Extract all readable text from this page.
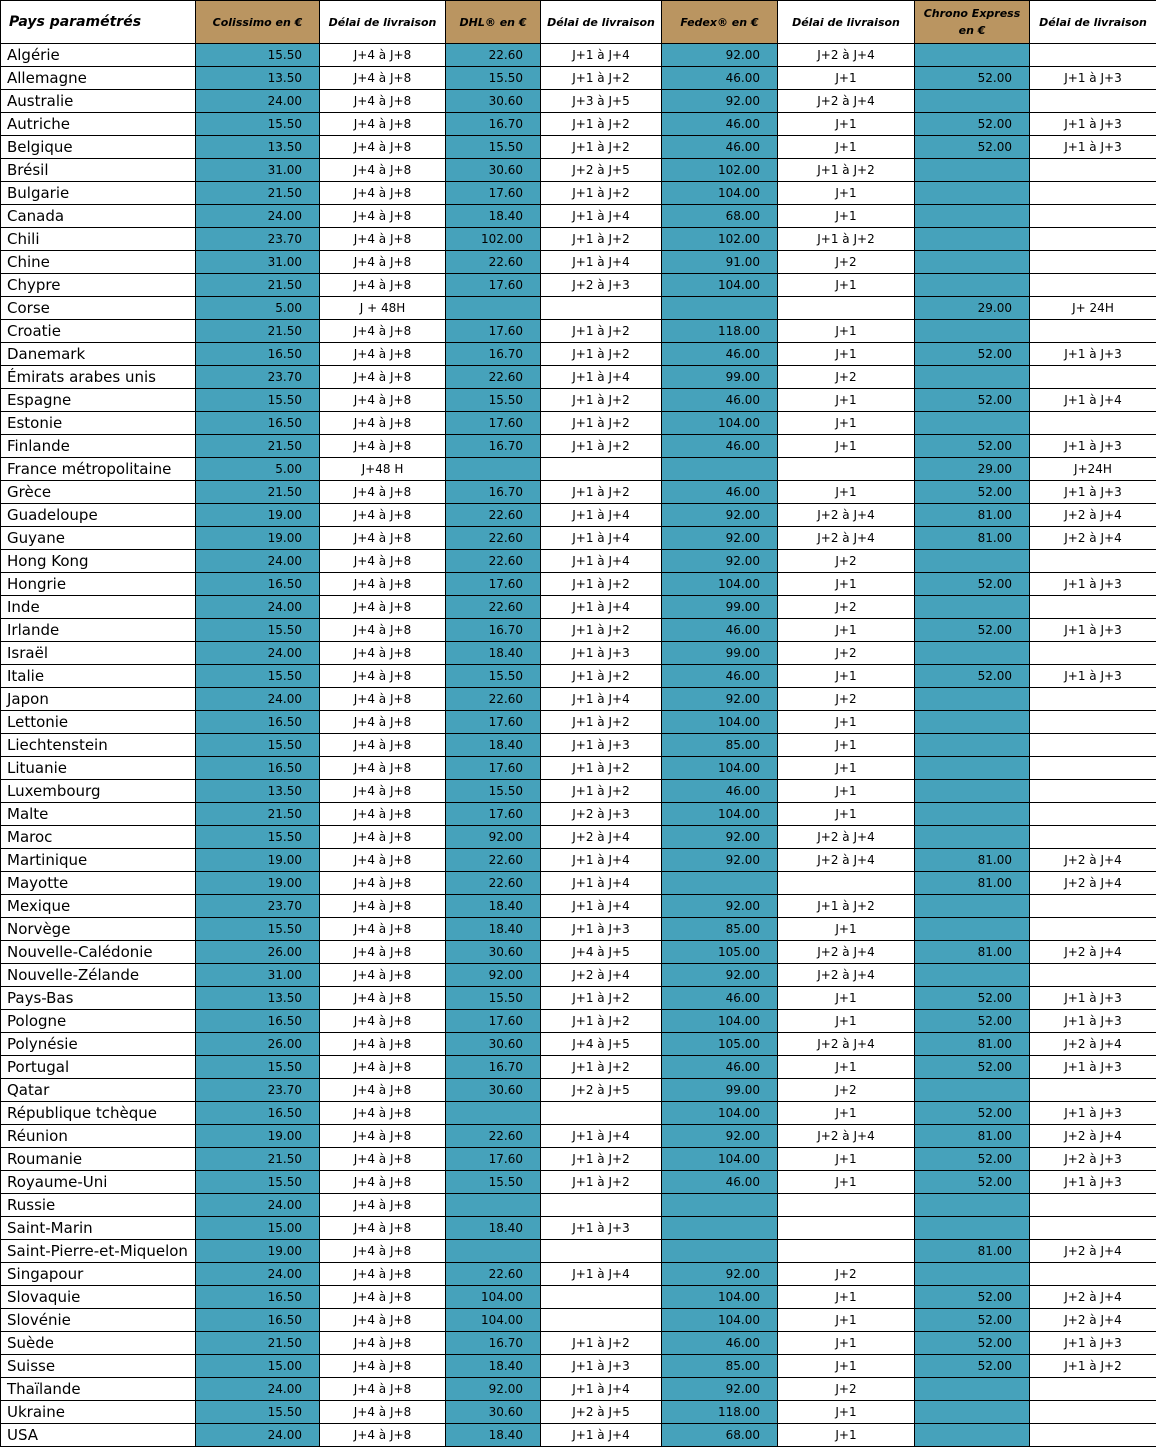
Pays paramétrés	Colissimo en €	Délai de livraison	DHL® en €	Délai de livraison	Fedex® en €	Délai de livraison	Chrono Express en €	Délai de livraison
Algérie	15.50	J+4 à J+8	22.60	J+1 à J+4	92.00	J+2 à J+4		
Allemagne	13.50	J+4 à J+8	15.50	J+1 à J+2	46.00	J+1	52.00	J+1 à J+3
Australie	24.00	J+4 à J+8	30.60	J+3 à J+5	92.00	J+2 à J+4		
Autriche	15.50	J+4 à J+8	16.70	J+1 à J+2	46.00	J+1	52.00	J+1 à J+3
Belgique	13.50	J+4 à J+8	15.50	J+1 à J+2	46.00	J+1	52.00	J+1 à J+3
Brésil	31.00	J+4 à J+8	30.60	J+2 à J+5	102.00	J+1 à J+2		
Bulgarie	21.50	J+4 à J+8	17.60	J+1 à J+2	104.00	J+1		
Canada	24.00	J+4 à J+8	18.40	J+1 à J+4	68.00	J+1		
Chili	23.70	J+4 à J+8	102.00	J+1 à J+2	102.00	J+1 à J+2		
Chine	31.00	J+4 à J+8	22.60	J+1 à J+4	91.00	J+2		
Chypre	21.50	J+4 à J+8	17.60	J+2 à J+3	104.00	J+1		
Corse	5.00	J + 48H					29.00	J+ 24H
Croatie	21.50	J+4 à J+8	17.60	J+1 à J+2	118.00	J+1		
Danemark	16.50	J+4 à J+8	16.70	J+1 à J+2	46.00	J+1	52.00	J+1 à J+3
Émirats arabes unis	23.70	J+4 à J+8	22.60	J+1 à J+4	99.00	J+2		
Espagne	15.50	J+4 à J+8	15.50	J+1 à J+2	46.00	J+1	52.00	J+1 à J+4
Estonie	16.50	J+4 à J+8	17.60	J+1 à J+2	104.00	J+1		
Finlande	21.50	J+4 à J+8	16.70	J+1 à J+2	46.00	J+1	52.00	J+1 à J+3
France métropolitaine	5.00	J+48 H					29.00	J+24H
Grèce	21.50	J+4 à J+8	16.70	J+1 à J+2	46.00	J+1	52.00	J+1 à J+3
Guadeloupe	19.00	J+4 à J+8	22.60	J+1 à J+4	92.00	J+2 à J+4	81.00	J+2 à J+4
Guyane	19.00	J+4 à J+8	22.60	J+1 à J+4	92.00	J+2 à J+4	81.00	J+2 à J+4
Hong Kong	24.00	J+4 à J+8	22.60	J+1 à J+4	92.00	J+2		
Hongrie	16.50	J+4 à J+8	17.60	J+1 à J+2	104.00	J+1	52.00	J+1 à J+3
Inde	24.00	J+4 à J+8	22.60	J+1 à J+4	99.00	J+2		
Irlande	15.50	J+4 à J+8	16.70	J+1 à J+2	46.00	J+1	52.00	J+1 à J+3
Israël	24.00	J+4 à J+8	18.40	J+1 à J+3	99.00	J+2		
Italie	15.50	J+4 à J+8	15.50	J+1 à J+2	46.00	J+1	52.00	J+1 à J+3
Japon	24.00	J+4 à J+8	22.60	J+1 à J+4	92.00	J+2		
Lettonie	16.50	J+4 à J+8	17.60	J+1 à J+2	104.00	J+1		
Liechtenstein	15.50	J+4 à J+8	18.40	J+1 à J+3	85.00	J+1		
Lituanie	16.50	J+4 à J+8	17.60	J+1 à J+2	104.00	J+1		
Luxembourg	13.50	J+4 à J+8	15.50	J+1 à J+2	46.00	J+1		
Malte	21.50	J+4 à J+8	17.60	J+2 à J+3	104.00	J+1		
Maroc	15.50	J+4 à J+8	92.00	J+2 à J+4	92.00	J+2 à J+4		
Martinique	19.00	J+4 à J+8	22.60	J+1 à J+4	92.00	J+2 à J+4	81.00	J+2 à J+4
Mayotte	19.00	J+4 à J+8	22.60	J+1 à J+4			81.00	J+2 à J+4
Mexique	23.70	J+4 à J+8	18.40	J+1 à J+4	92.00	J+1 à J+2		
Norvège	15.50	J+4 à J+8	18.40	J+1 à J+3	85.00	J+1		
Nouvelle-Calédonie	26.00	J+4 à J+8	30.60	J+4 à J+5	105.00	J+2 à J+4	81.00	J+2 à J+4
Nouvelle-Zélande	31.00	J+4 à J+8	92.00	J+2 à J+4	92.00	J+2 à J+4		
Pays-Bas	13.50	J+4 à J+8	15.50	J+1 à J+2	46.00	J+1	52.00	J+1 à J+3
Pologne	16.50	J+4 à J+8	17.60	J+1 à J+2	104.00	J+1	52.00	J+1 à J+3
Polynésie	26.00	J+4 à J+8	30.60	J+4 à J+5	105.00	J+2 à J+4	81.00	J+2 à J+4
Portugal	15.50	J+4 à J+8	16.70	J+1 à J+2	46.00	J+1	52.00	J+1 à J+3
Qatar	23.70	J+4 à J+8	30.60	J+2 à J+5	99.00	J+2		
République tchèque	16.50	J+4 à J+8			104.00	J+1	52.00	J+1 à J+3
Réunion	19.00	J+4 à J+8	22.60	J+1 à J+4	92.00	J+2 à J+4	81.00	J+2 à J+4
Roumanie	21.50	J+4 à J+8	17.60	J+1 à J+2	104.00	J+1	52.00	J+2 à J+3
Royaume-Uni	15.50	J+4 à J+8	15.50	J+1 à J+2	46.00	J+1	52.00	J+1 à J+3
Russie	24.00	J+4 à J+8						
Saint-Marin	15.00	J+4 à J+8	18.40	J+1 à J+3				
Saint-Pierre-et-Miquelon	19.00	J+4 à J+8					81.00	J+2 à J+4
Singapour	24.00	J+4 à J+8	22.60	J+1 à J+4	92.00	J+2		
Slovaquie	16.50	J+4 à J+8	104.00		104.00	J+1	52.00	J+2 à J+4
Slovénie	16.50	J+4 à J+8	104.00		104.00	J+1	52.00	J+2 à J+4
Suède	21.50	J+4 à J+8	16.70	J+1 à J+2	46.00	J+1	52.00	J+1 à J+3
Suisse	15.00	J+4 à J+8	18.40	J+1 à J+3	85.00	J+1	52.00	J+1 à J+2
Thaïlande	24.00	J+4 à J+8	92.00	J+1 à J+4	92.00	J+2		
Ukraine	15.50	J+4 à J+8	30.60	J+2 à J+5	118.00	J+1		
USA	24.00	J+4 à J+8	18.40	J+1 à J+4	68.00	J+1		
